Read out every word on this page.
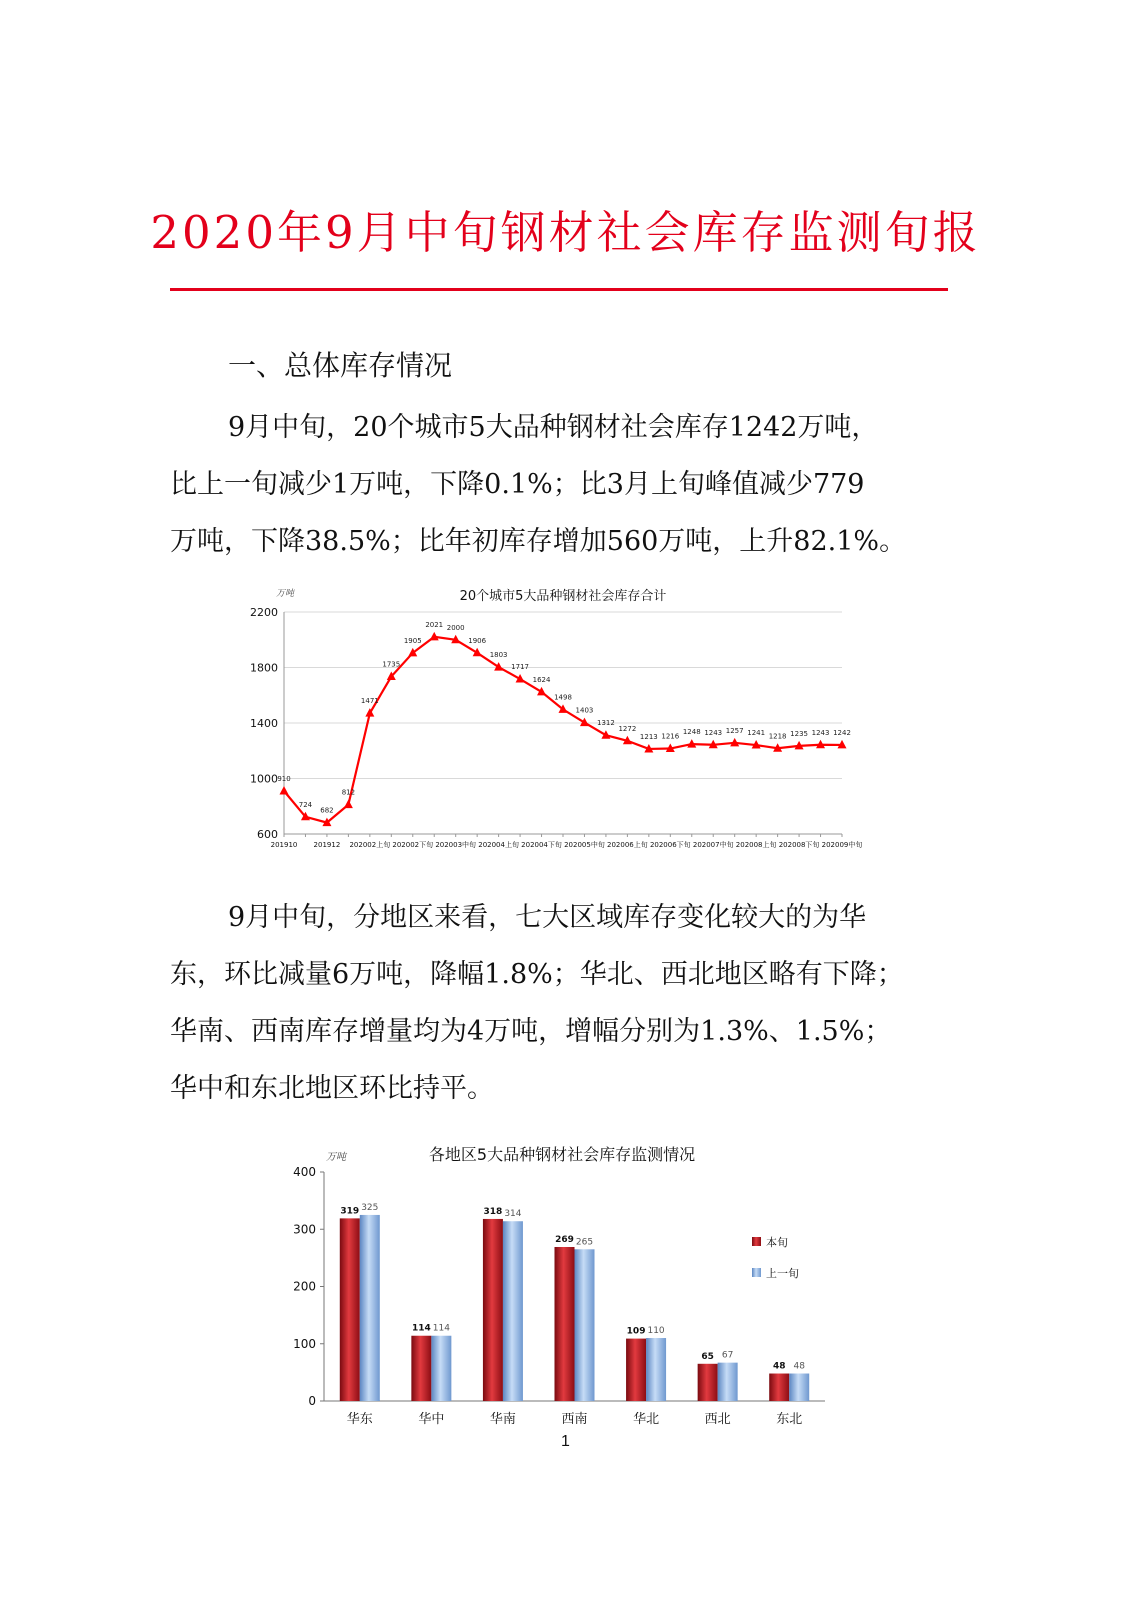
2020年9月中旬钢材社会库存监测旬报
一、总体库存情况
9月中旬，20个城市5大品种钢材社会库存1242万吨，
比上一旬减少1万吨，下降0.1%；比3月上旬峰值减少779
万吨，下降38.5%；比年初库存增加560万吨，上升82.1%。
20个城市5大品种钢材社会库存合计
万吨
600
1000
1400
1800
2200
201910 201912 202002上旬 202002下旬 202003中旬 202004上旬 202004下旬 202005中旬 202006上旬 202006下旬 202007中旬 202008上旬 202008下旬 202009中旬
910
724
682
812
1471
1735
1905
2021 2000
1906
1803
1717
1624
1498
1403
1312
1272
1213 1216
1248 1243 1257 1241 1218 1235 1243 1242
9月中旬，分地区来看，七大区域库存变化较大的为华
东，环比减量6万吨，降幅1.8%；华北、西北地区略有下降；
华南、西南库存增量均为4万吨，增幅分别为1.3%、1.5%；
华中和东北地区环比持平。
各地区5大品种钢材社会库存监测情况
万吨
0
100
200
300
400
319 325
华东
114 114
华中
318 314
华南
269 265
西南
109 110
华北
65 67
西北
48 48
东北
本旬
上一旬
1
